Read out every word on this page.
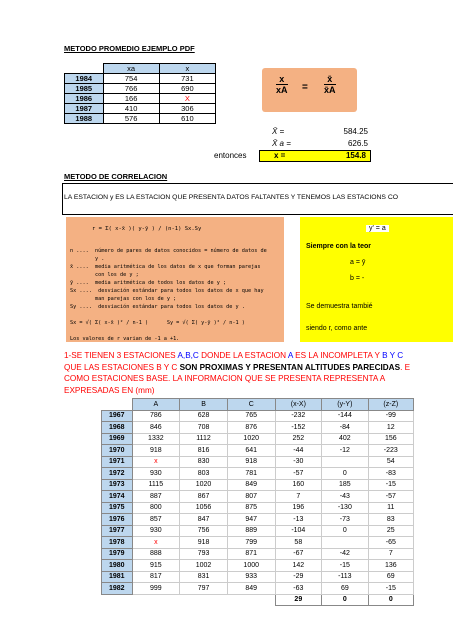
METODO PROMEDIO EJEMPLO PDF
	xa	x
1984	754	731
1985	766	690
1986	166	X
1987	410	306
1988	576	610
$\frac{x}{xA} = \frac{x̄}{x̄A}$
X̄ =	584.25
X̄ a =	626.5
entonces	x =	154.8
METODO DE CORRELACION
LA ESTACION y ES LA ESTACION QUE PRESENTA DATOS FALTANTES Y TENEMOS LAS ESTACIONS CO
r = Σ( x-x̄ )( y-ȳ ) / (n-1) Sx.Sy
n ....  número de pares de datos conocidos = número de datos de
y .
x̄ ....  media aritmética de los datos de x que forman parejas
con los de y ;
ȳ ....  media aritmética de todos los datos de y ;
Sx ....  desviación estándar para todos los datos de x que hay
man parejas con los de y ;
Sy ....  desviación estándar para todos los datos de y .
Sx = √( Σ( x-x̄ )² / n-1 )      Sy = √( Σ( y-ȳ )² / n-1 )
Los valores de r varian de -1 a +1.
y' = a
Siempre con la teor
a = ȳ
b = -
Se demuestra tambié
siendo r, como ante
1-SE TIENEN 3 ESTACIONES A,B,C DONDE LA ESTACION A ES LA INCOMPLETA Y B Y C
QUE LAS ESTACIONES B Y C SON PROXIMAS Y PRESENTAN ALTITUDES PARECIDAS. E
COMO ESTACIONES BASE. LA INFORMACION QUE SE PRESENTA REPRESENTA A
EXPRESADAS EN (mm)
	A	B	C	(x-X)	(y-Y)	(z-Z)
1967	786	628	765	-232	-144	-99
1968	846	708	876	-152	-84	12
1969	1332	1112	1020	252	402	156
1970	918	816	641	-44	-12	-223
1971	x	830	918	-30		54
1972	930	803	781	-57	0	-83
1973	1115	1020	849	160	185	-15
1974	887	867	807	7	-43	-57
1975	800	1056	875	196	-130	11
1976	857	847	947	-13	-73	83
1977	930	756	889	-104	0	25
1978	x	918	799	58		-65
1979	888	793	871	-67	-42	7
1980	915	1002	1000	142	-15	136
1981	817	831	933	-29	-113	69
1982	999	797	849	-63	69	-15
				29	0	0
